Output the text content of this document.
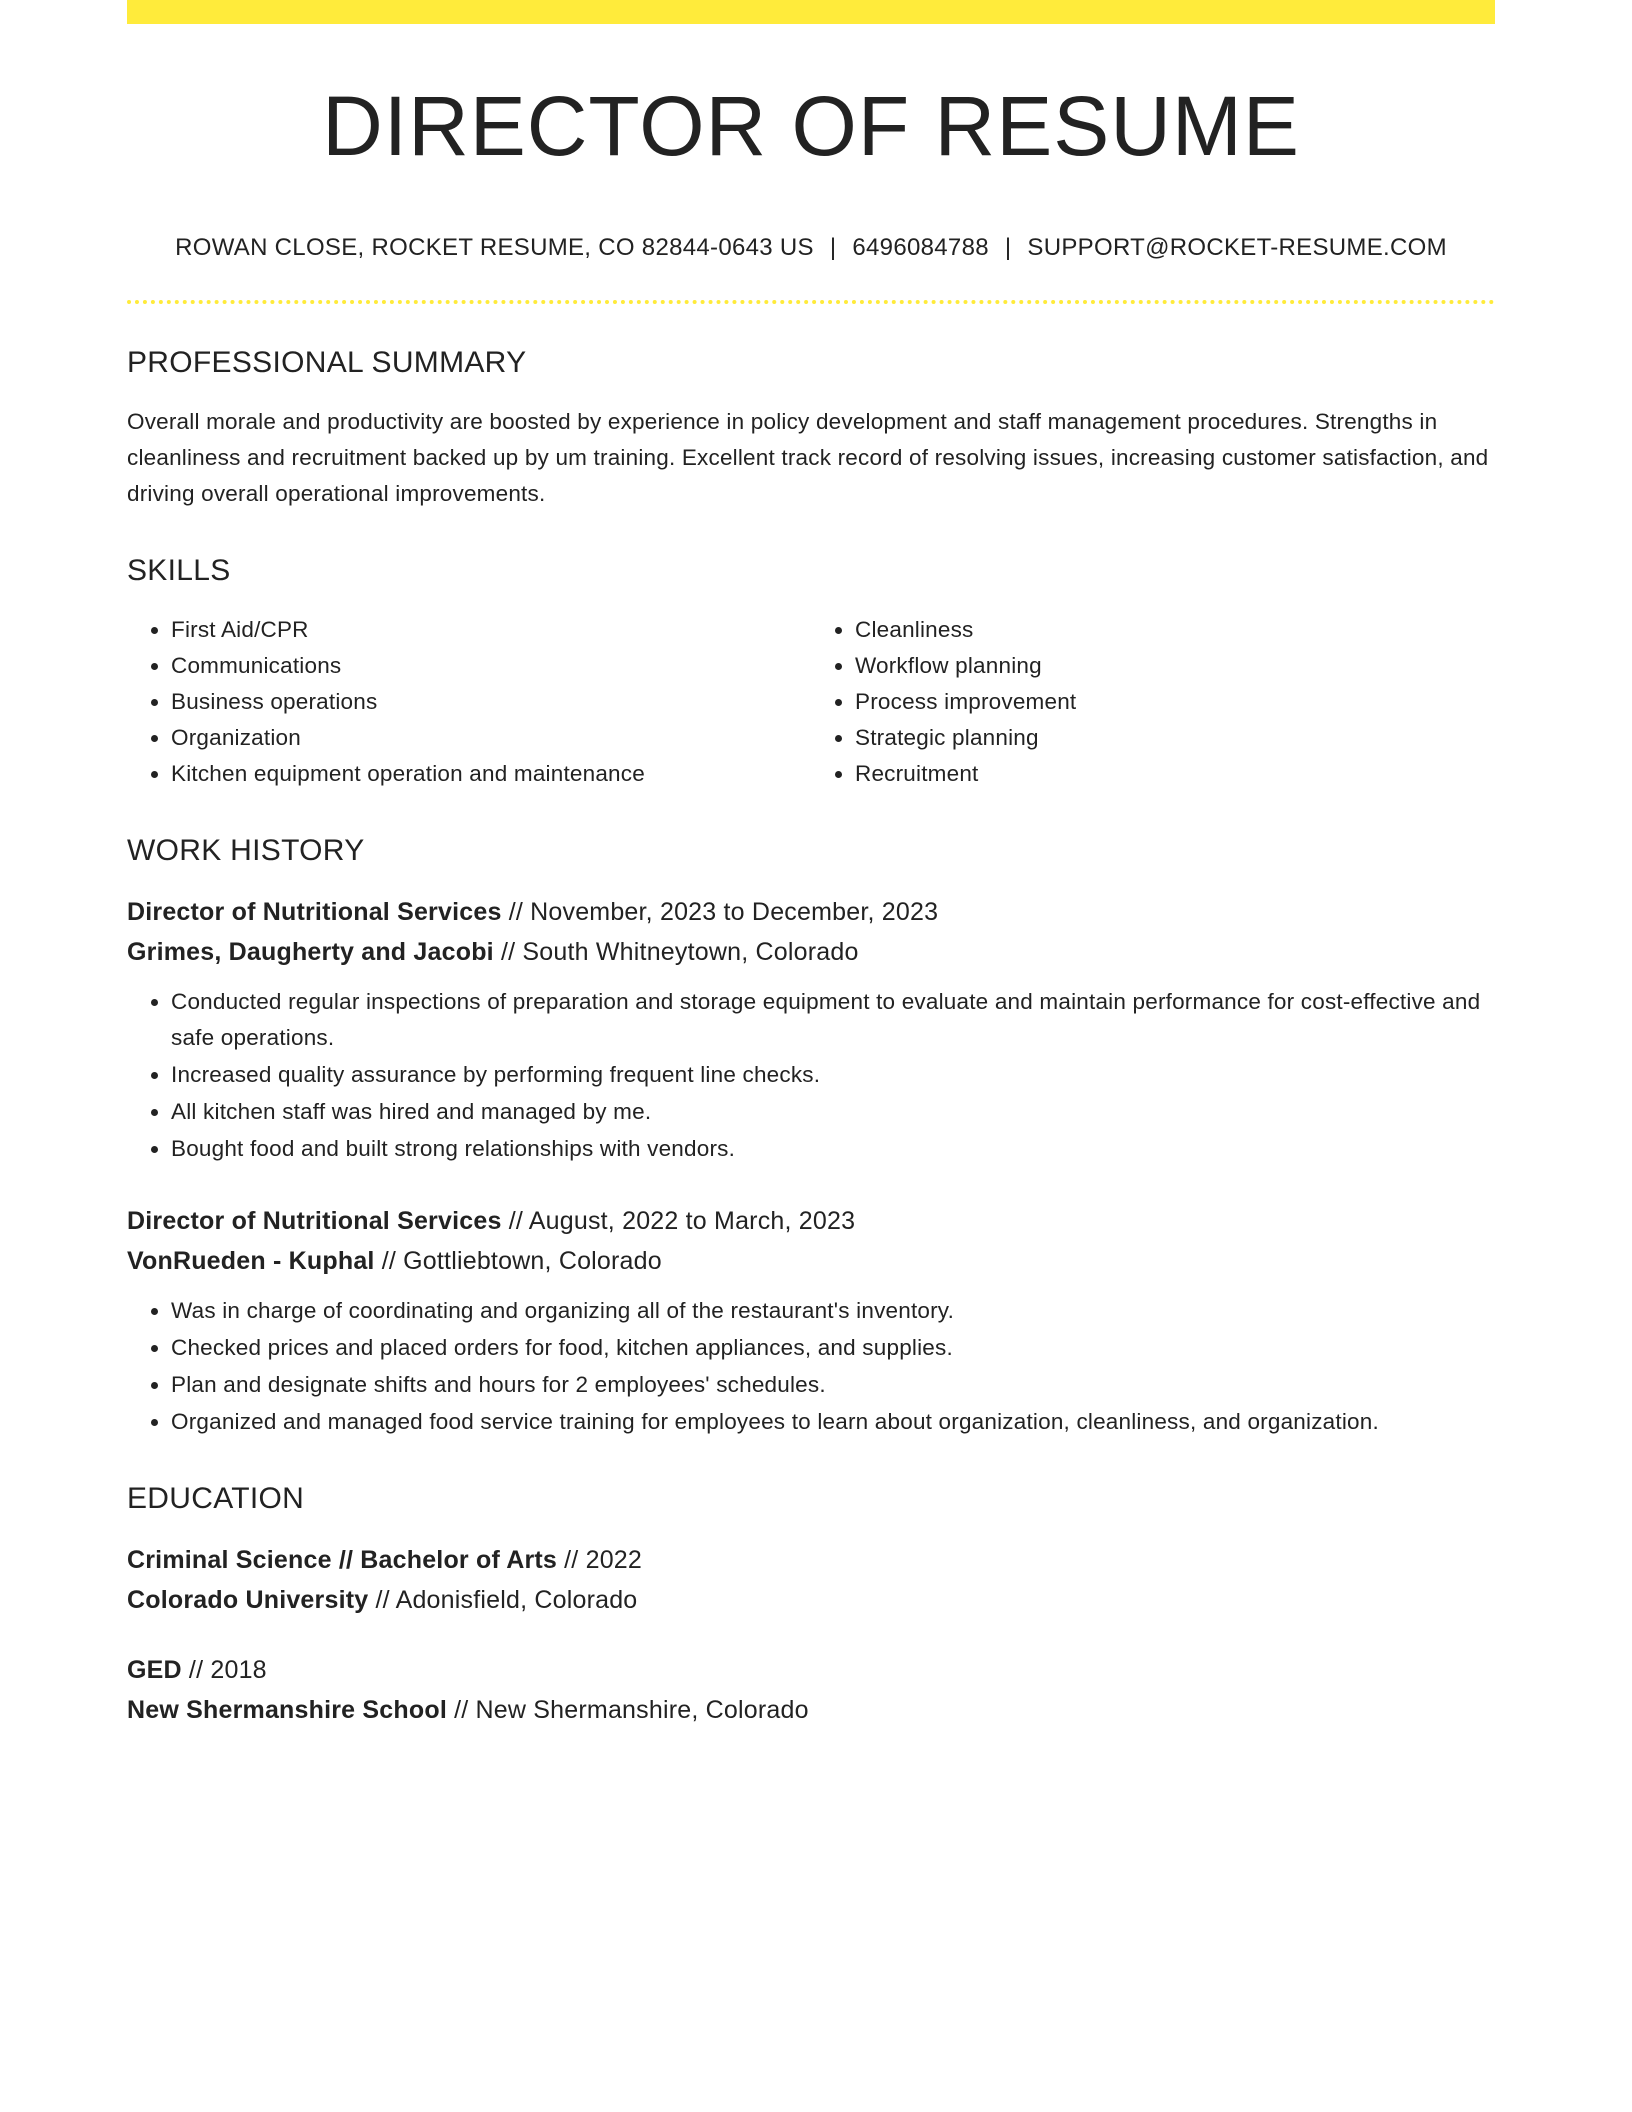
DIRECTOR OF RESUME
ROWAN CLOSE, ROCKET RESUME, CO 82844-0643 US | 6496084788 | SUPPORT@ROCKET-RESUME.COM
PROFESSIONAL SUMMARY

Overall morale and productivity are boosted by experience in policy development and staff management procedures. Strengths in cleanliness and recruitment backed up by um training. Excellent track record of resolving issues, increasing customer satisfaction, and driving overall operational improvements.

SKILLS
• First Aid/CPR
• Communications
• Business operations
• Organization
• Kitchen equipment operation and maintenance
• Cleanliness
• Workflow planning
• Process improvement
• Strategic planning
• Recruitment
WORK HISTORY
Director of Nutritional Services // November, 2023 to December, 2023
Grimes, Daugherty and Jacobi // South Whitneytown, Colorado
• Conducted regular inspections of preparation and storage equipment to evaluate and maintain performance for cost-effective and safe operations.
• Increased quality assurance by performing frequent line checks.
• All kitchen staff was hired and managed by me.
• Bought food and built strong relationships with vendors.
Director of Nutritional Services // August, 2022 to March, 2023
VonRueden - Kuphal // Gottliebtown, Colorado
• Was in charge of coordinating and organizing all of the restaurant's inventory.
• Checked prices and placed orders for food, kitchen appliances, and supplies.
• Plan and designate shifts and hours for 2 employees' schedules.
• Organized and managed food service training for employees to learn about organization, cleanliness, and organization.
EDUCATION
Criminal Science // Bachelor of Arts // 2022
Colorado University // Adonisfield, Colorado
GED // 2018
New Shermanshire School // New Shermanshire, Colorado
